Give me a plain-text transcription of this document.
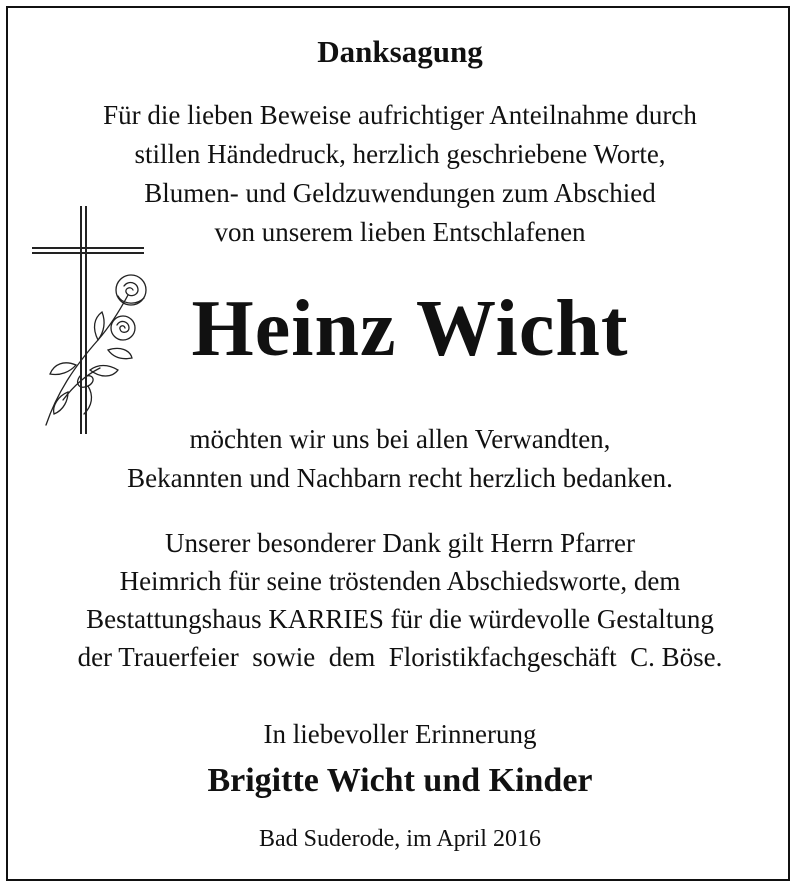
Danksagung
Für die lieben Beweise aufrichtiger Anteilnahme durch
stillen Händedruck, herzlich geschriebene Worte,
Blumen- und Geldzuwendungen zum Abschied
von unserem lieben Entschlafenen
Heinz Wicht
möchten wir uns bei allen Verwandten,
Bekannten und Nachbarn recht herzlich bedanken.
Unserer besonderer Dank gilt Herrn Pfarrer
Heimrich für seine tröstenden Abschiedsworte, dem
Bestattungshaus KARRIES für die würdevolle Gestaltung
der Trauerfeier  sowie  dem  Floristikfachgeschäft  C. Böse.
In liebevoller Erinnerung
Brigitte Wicht und Kinder
Bad Suderode, im April 2016
